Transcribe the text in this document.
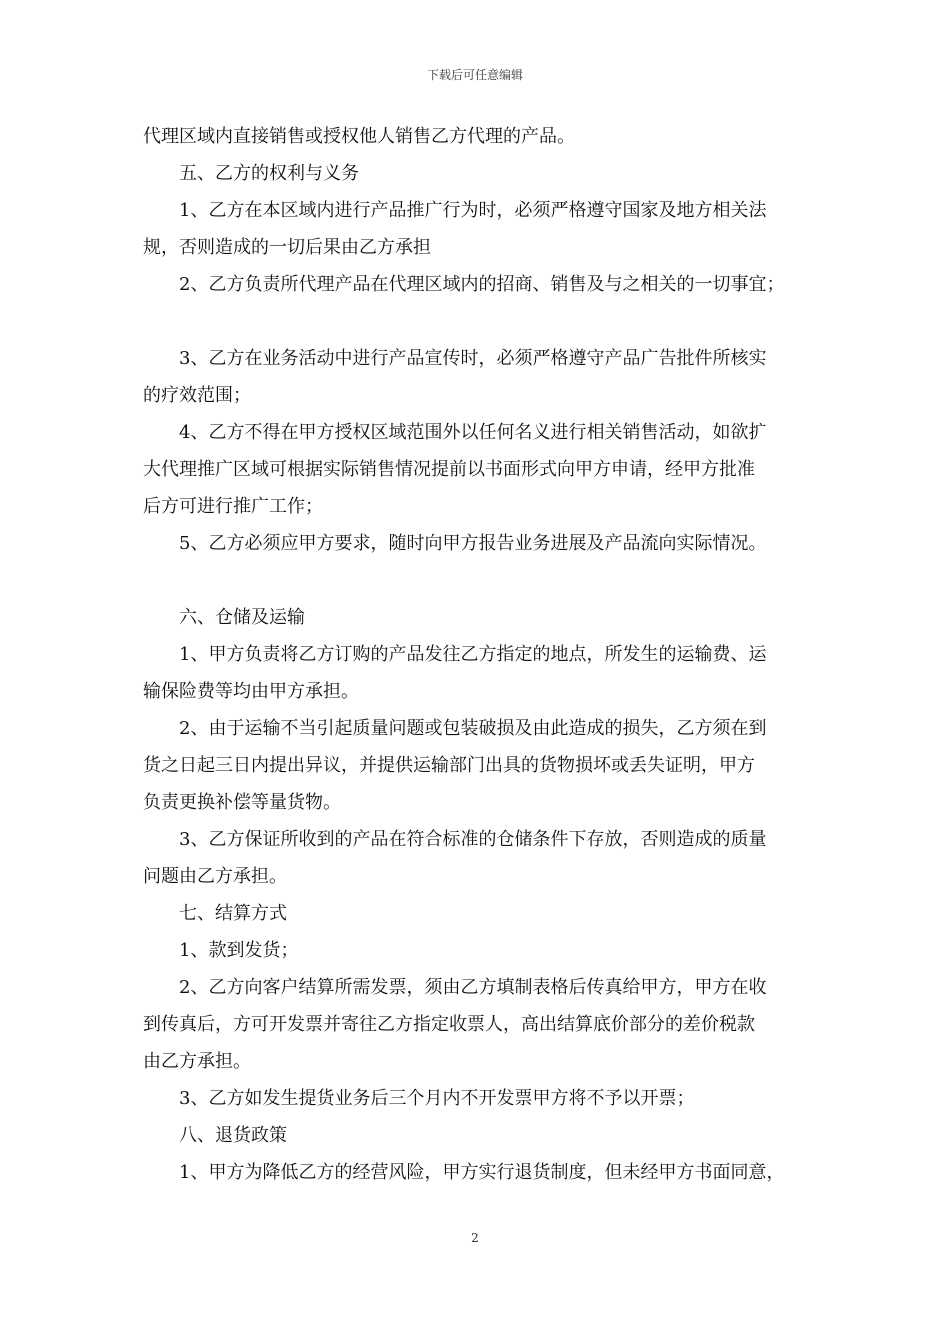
下载后可任意编辑
代理区域内直接销售或授权他人销售乙方代理的产品。
五、乙方的权利与义务
1、乙方在本区域内进行产品推广行为时，必须严格遵守国家及地方相关法
规，否则造成的一切后果由乙方承担
2、乙方负责所代理产品在代理区域内的招商、销售及与之相关的一切事宜；
3、乙方在业务活动中进行产品宣传时，必须严格遵守产品广告批件所核实
的疗效范围；
4、乙方不得在甲方授权区域范围外以任何名义进行相关销售活动，如欲扩
大代理推广区域可根据实际销售情况提前以书面形式向甲方申请，经甲方批准
后方可进行推广工作；
5、乙方必须应甲方要求，随时向甲方报告业务进展及产品流向实际情况。
六、仓储及运输
1、甲方负责将乙方订购的产品发往乙方指定的地点，所发生的运输费、运
输保险费等均由甲方承担。
2、由于运输不当引起质量问题或包装破损及由此造成的损失，乙方须在到
货之日起三日内提出异议，并提供运输部门出具的货物损坏或丢失证明，甲方
负责更换补偿等量货物。
3、乙方保证所收到的产品在符合标准的仓储条件下存放，否则造成的质量
问题由乙方承担。
七、结算方式
1、款到发货；
2、乙方向客户结算所需发票，须由乙方填制表格后传真给甲方，甲方在收
到传真后，方可开发票并寄往乙方指定收票人，高出结算底价部分的差价税款
由乙方承担。
3、乙方如发生提货业务后三个月内不开发票甲方将不予以开票；
八、退货政策
1、甲方为降低乙方的经营风险，甲方实行退货制度，但未经甲方书面同意，
2
